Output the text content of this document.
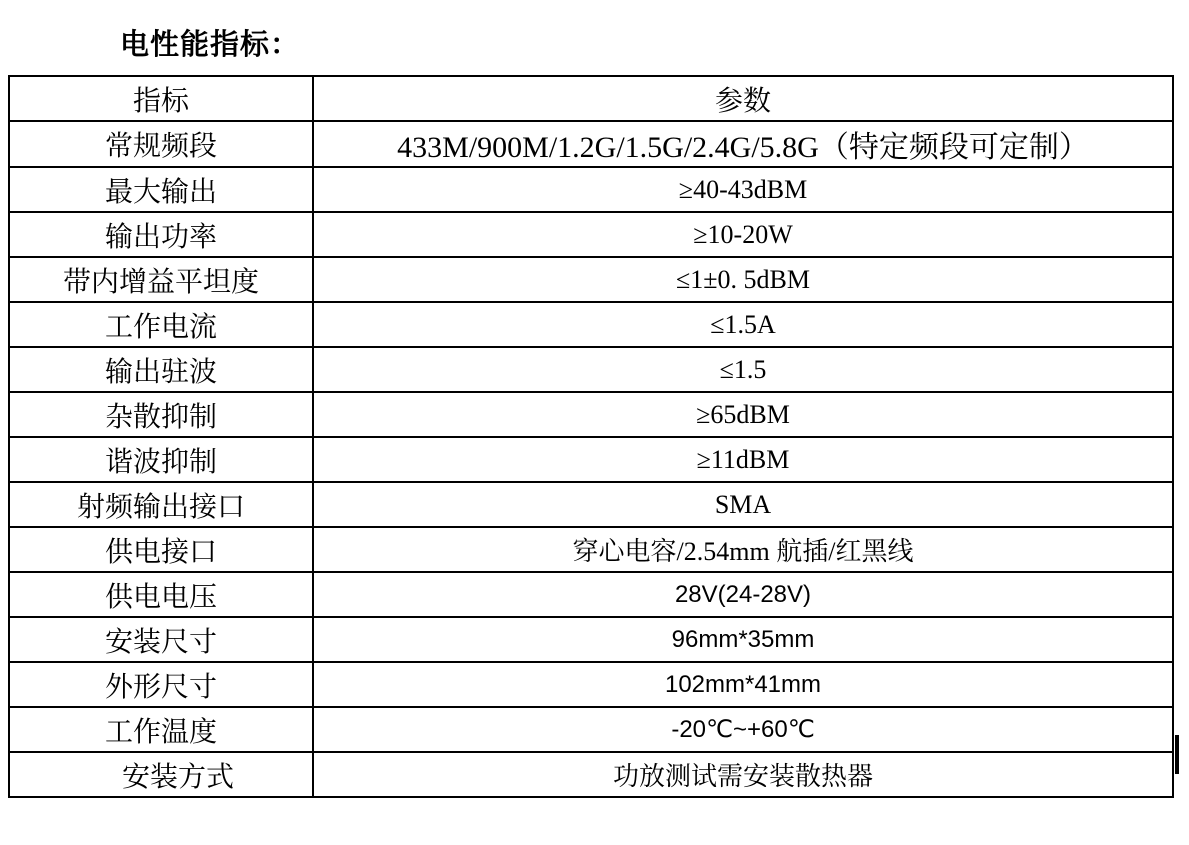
电性能指标：
指标	参数
常规频段	433M/900M/1.2G/1.5G/2.4G/5.8G（特定频段可定制）
最大输出	≥40-43dBM
输出功率	≥10-20W
带内增益平坦度	≤1±0. 5dBM
工作电流	≤1.5A
输出驻波	≤1.5
杂散抑制	≥65dBM
谐波抑制	≥11dBM
射频输出接口	SMA
供电接口	穿心电容/2.54mm 航插/红黑线
供电电压	28V(24-28V)
安装尺寸	96mm*35mm
外形尺寸	102mm*41mm
工作温度	-20℃~+60℃
安装方式	功放测试需安装散热器
